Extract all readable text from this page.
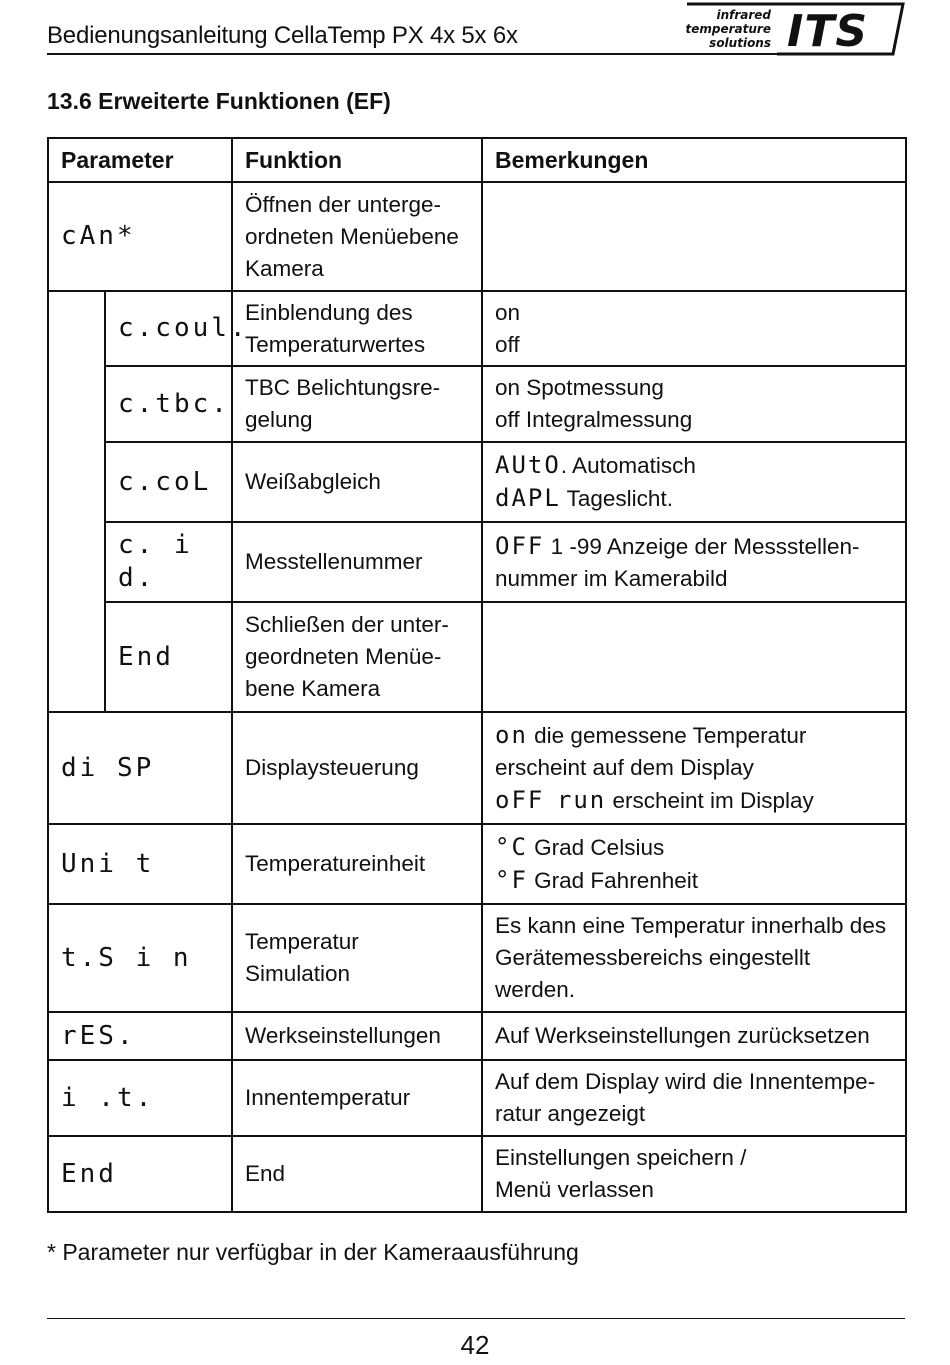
Bedienungsanleitung CellaTemp PX 4x 5x 6x
infrared
temperature
solutions ITS
13.6 Erweiterte Funktionen (EF)
Parameter		Funktion	Bemerkungen
cAn*		Öffnen der unterge-ordneten Menüebene Kamera	
	c.coul.	Einblendung des Temperaturwertes	on
off

	c.tbc.	TBC Belichtungsre-gelung	on Spotmessung
off Integralmessung

	c.coL	Weißabgleich	AUtO. Automatisch
dAPL Tageslicht.

	c. i d.	Messtellenummer	OFF 1 -99 Anzeige der Messstellen-nummer im Kamerabild
	End	Schließen der unter-geordneten Menüe-bene Kamera	
di SP		Displaysteuerung	on die gemessene Temperatur erscheint auf dem Display
oFF run erscheint im Display

Uni t		Temperatureinheit	°C Grad Celsius
°F Grad Fahrenheit

t.S i n		Temperatur Simulation	Es kann eine Temperatur innerhalb des Gerätemessbereichs eingestellt werden.
rES.		Werkseinstellungen	Auf Werkseinstellungen zurücksetzen
i .t.		Innentemperatur	Auf dem Display wird die Innentempe-ratur angezeigt
End		End	Einstellungen speichern /
Menü verlassen
* Parameter nur verfügbar in der Kameraausführung
42
